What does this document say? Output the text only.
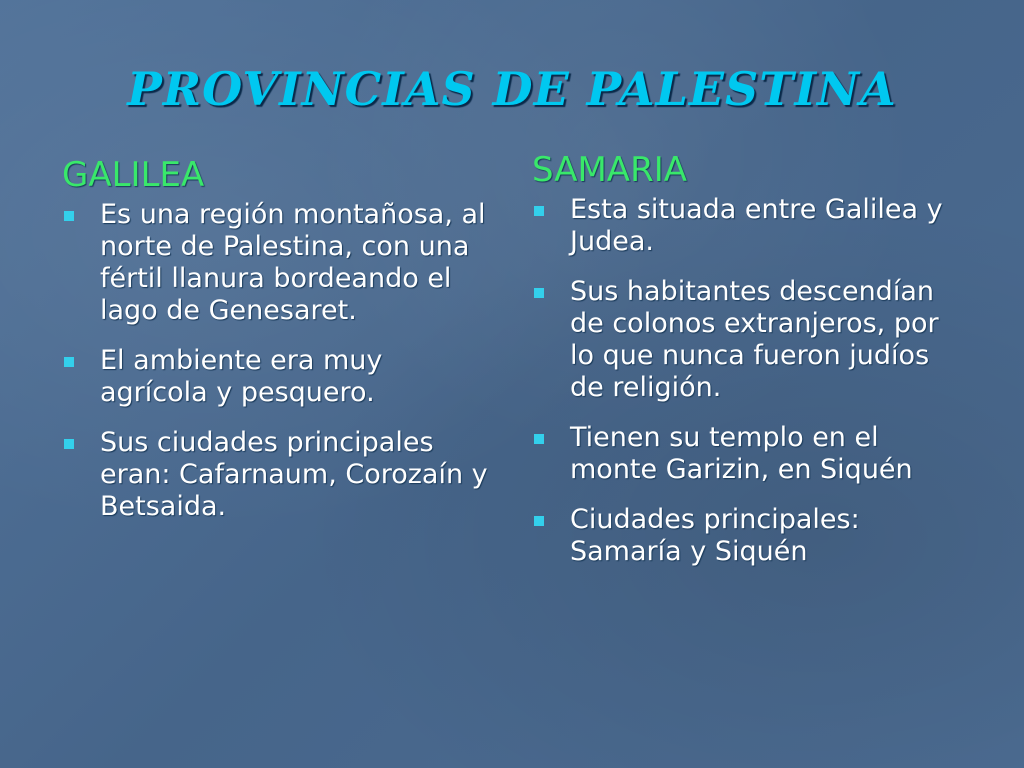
PROVINCIAS DE PALESTINA
GALILEA
Es una región montañosa, al norte de Palestina, con una fértil llanura bordeando el lago de Genesaret.
El ambiente era muy agrícola y pesquero.
Sus ciudades principales eran: Cafarnaum, Corozaín y Betsaida.
SAMARIA
Esta situada entre Galilea y Judea.
Sus habitantes descendían de colonos extranjeros, por lo que nunca fueron judíos de religión.
Tienen su templo en el monte Garizin, en Siquén
Ciudades principales: Samaría y Siquén
